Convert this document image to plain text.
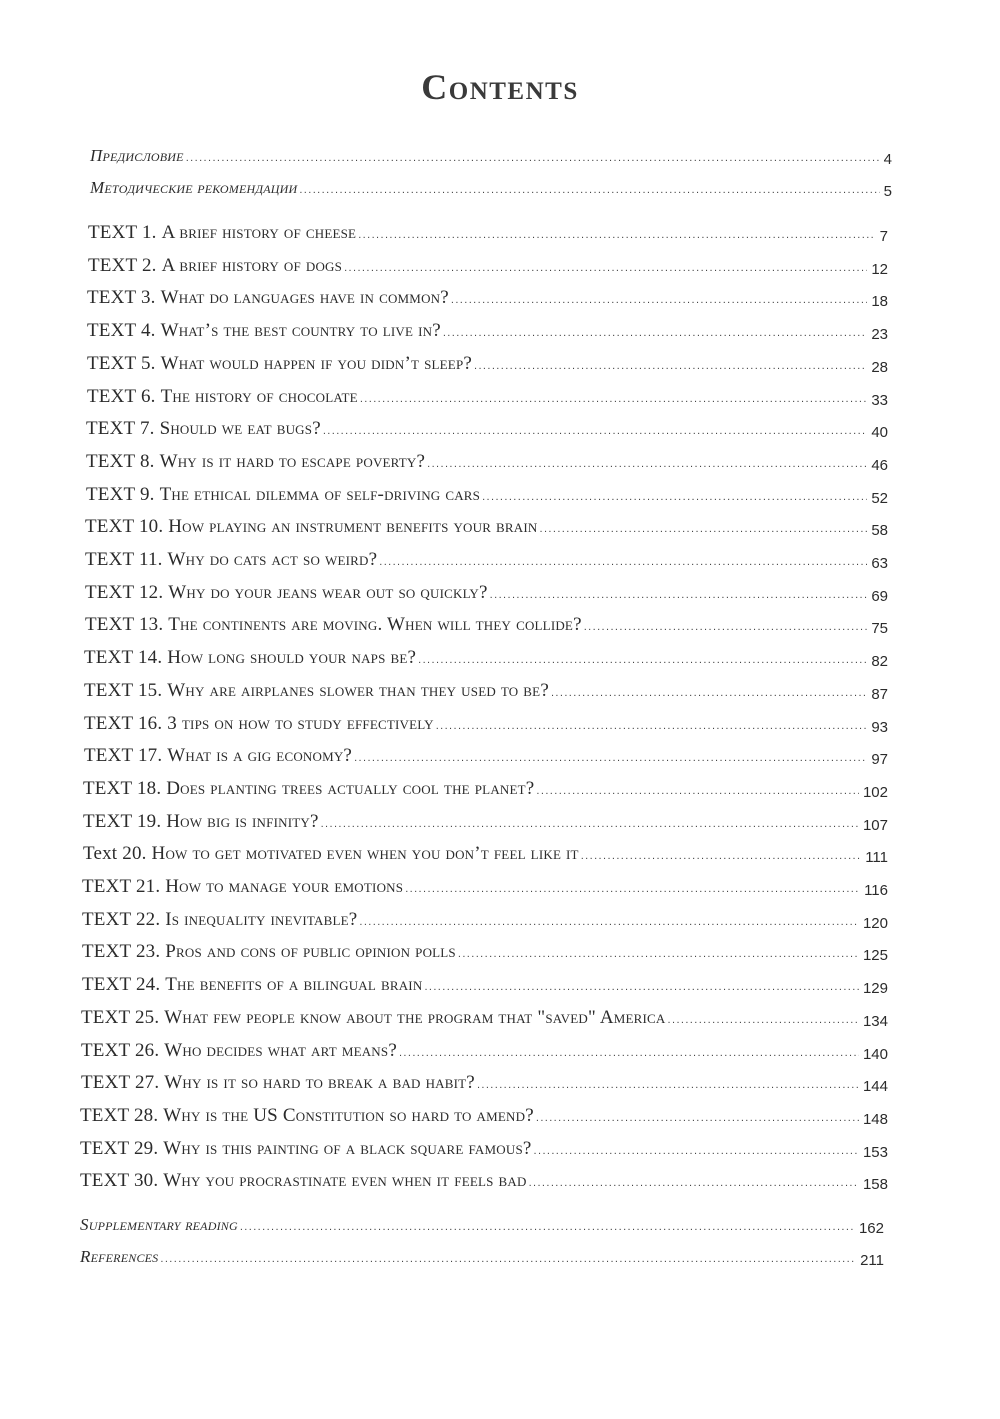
Contents
Предисловие .....	4
Методические рекомендации .....	5
TEXT 1. A brief history of cheese .....	7
TEXT 2. A brief history of dogs .....	12
TEXT 3. What do languages have in common? .....	18
TEXT 4. What’s the best country to live in? .....	23
TEXT 5. What would happen if you didn’t sleep? .....	28
TEXT 6. The history of chocolate .....	33
TEXT 7. Should we eat bugs? .....	40
TEXT 8. Why is it hard to escape poverty? .....	46
TEXT 9. The ethical dilemma of self-driving cars .....	52
TEXT 10. How playing an instrument benefits your brain .....	58
TEXT 11. Why do cats act so weird? .....	63
TEXT 12. Why do your jeans wear out so quickly? .....	69
TEXT 13. The continents are moving. When will they collide? .....	75
TEXT 14. How long should your naps be? .....	82
TEXT 15. Why are airplanes slower than they used to be? .....	87
TEXT 16. 3 tips on how to study effectively .....	93
TEXT 17. What is a gig economy? .....	97
TEXT 18. Does planting trees actually cool the planet? .....	102
TEXT 19. How big is infinity? .....	107
Text 20. How to get motivated even when you don’t feel like it .....	111
TEXT 21. How to manage your emotions .....	116
TEXT 22. Is inequality inevitable? .....	120
TEXT 23. Pros and cons of public opinion polls .....	125
TEXT 24. The benefits of a bilingual brain .....	129
TEXT 25. What few people know about the program that "saved" America .....	134
TEXT 26. Who decides what art means? .....	140
TEXT 27. Why is it so hard to break a bad habit? .....	144
TEXT 28. Why is the US Constitution so hard to amend? .....	148
TEXT 29. Why is this painting of a black square famous? .....	153
TEXT 30. Why you procrastinate even when it feels bad .....	158
Supplementary reading .....	162
References .....	211
